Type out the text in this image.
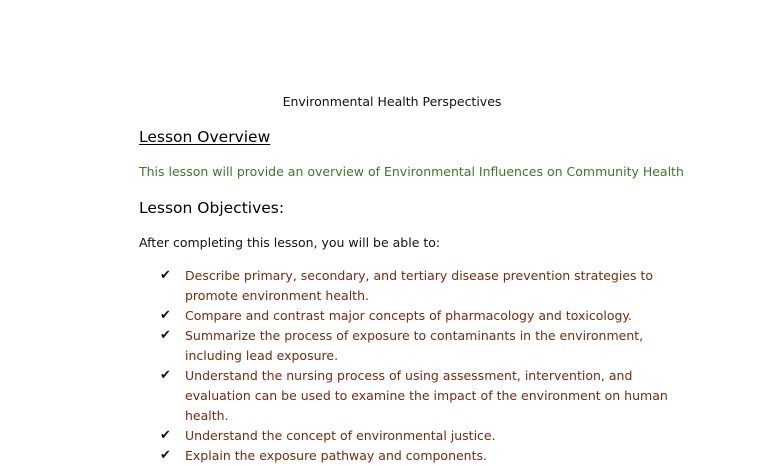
Environmental Health Perspectives
Lesson Overview
This lesson will provide an overview of Environmental Influences on Community Health
Lesson Objectives:
After completing this lesson, you will be able to:
✔	Describe primary, secondary, and tertiary disease prevention strategies to promote environment health.
✔	Compare and contrast major concepts of pharmacology and toxicology.
✔	Summarize the process of exposure to contaminants in the environment, including lead exposure.
✔	Understand the nursing process of using assessment, intervention, and evaluation can be used to examine the impact of the environment on human health.
✔	Understand the concept of environmental justice.
✔	Explain the exposure pathway and components.
